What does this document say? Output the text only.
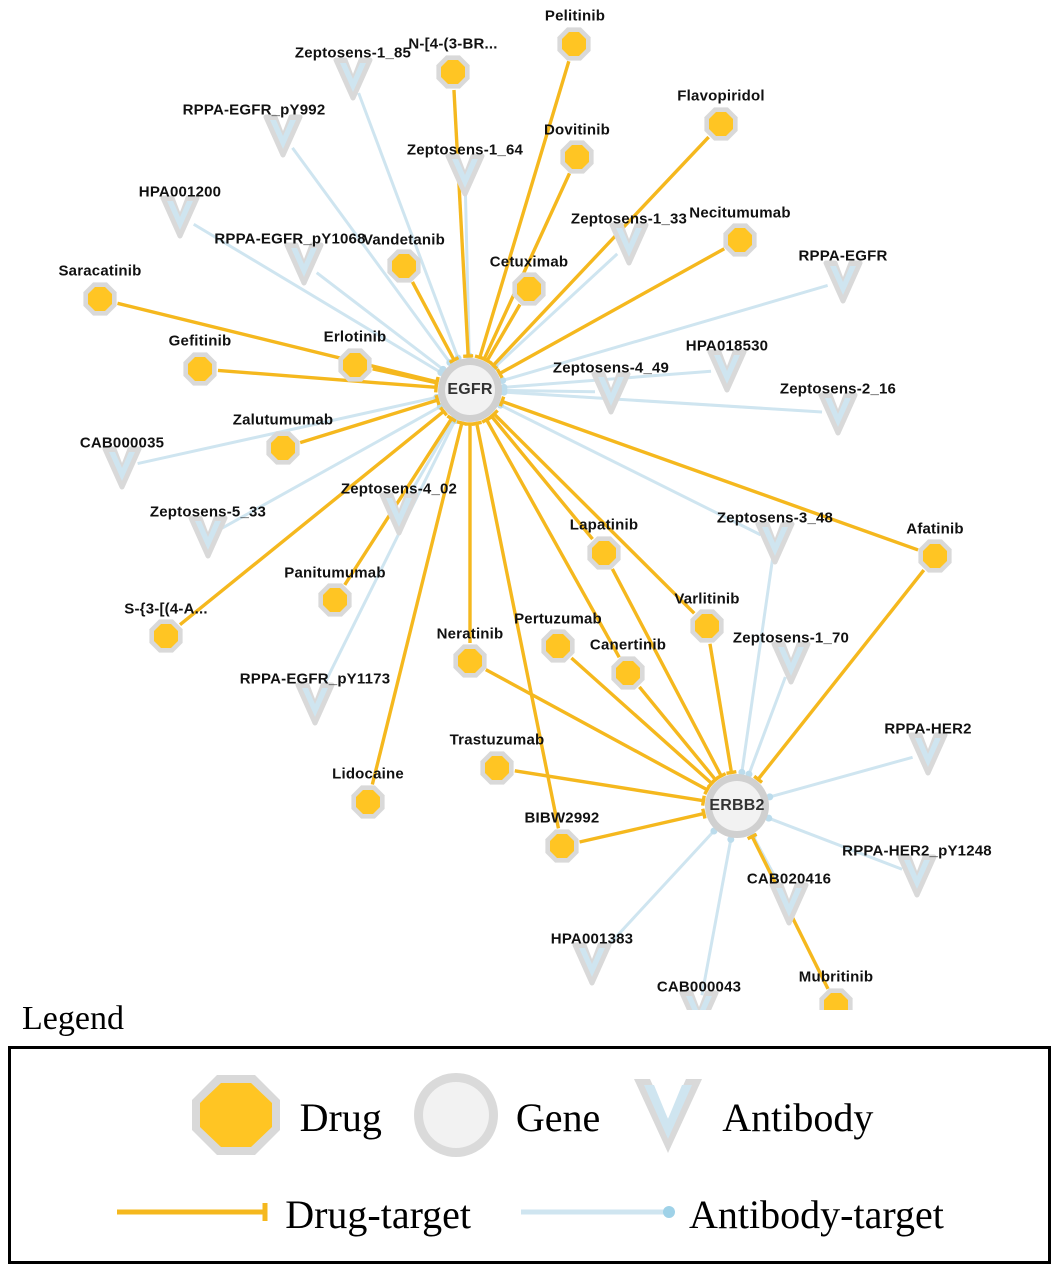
Pelitinib
N-[4-(3-BR...
Flavopiridol
Dovitinib
Vandetanib
Necitumumab
Cetuximab
Saracatinib
Gefitinib	Erlotinib
Zalutumumab
Afatinib
Lapatinib
Varlitinib
Panitumumab
S-{3-[(4-A...
Pertuzumab
Neratinib
Canertinib
Trastuzumab
Lidocaine
BIBW2992
Mubritinib
Zeptosens-1_85
RPPA-EGFR_pY992
Zeptosens-1_64
HPA001200
Zeptosens-1_33
RPPA-EGFR_pY1068
RPPA-EGFR
HPA018530
Zeptosens-4_49
Zeptosens-2_16
CAB000035
Zeptosens-4_02
Zeptosens-5_33	Zeptosens-3_48
Zeptosens-1_70
RPPA-EGFR_pY1173
RPPA-HER2
RPPA-HER2_pY1248
CAB020416
HPA001383
CAB000043
EGFR
ERBB2
Legend
Drug	Gene	Antibody
Drug-target	Antibody-target
